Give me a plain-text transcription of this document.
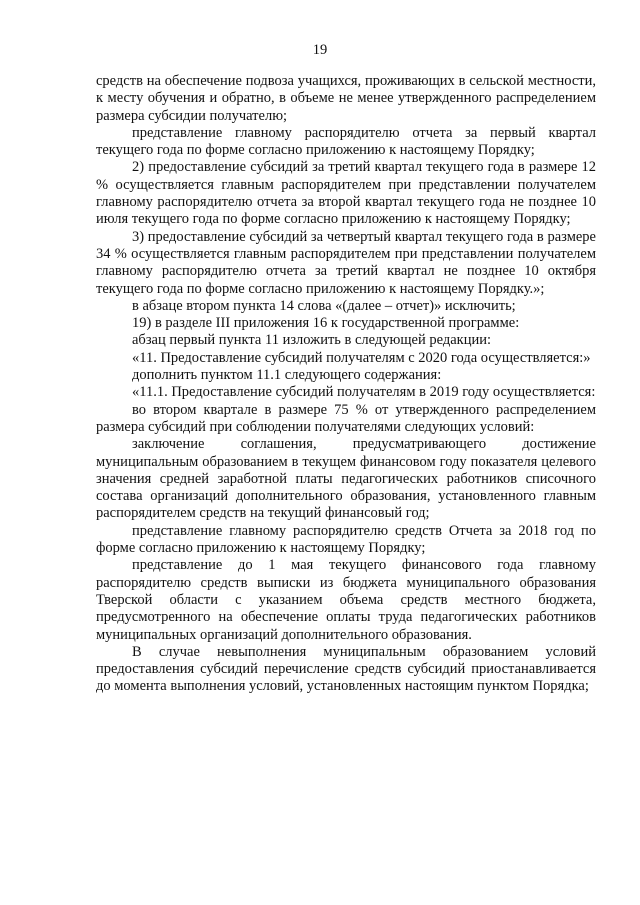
19

средств на обеспечение подвоза учащихся, проживающих в сельской местности, к месту обучения и обратно, в объеме не менее утвержденного распределением размера субсидии получателю;

представление главному распорядителю отчета за первый квартал текущего года по форме согласно приложению к настоящему Порядку;

2) предоставление субсидий за третий квартал текущего года в размере 12 % осуществляется главным распорядителем при представлении получателем главному распорядителю отчета за второй квартал текущего года не позднее 10 июля текущего года по форме согласно приложению к настоящему Порядку;

3) предоставление субсидий за четвертый квартал текущего года в размере 34 % осуществляется главным распорядителем при представлении получателем главному распорядителю отчета за третий квартал не позднее 10 октября текущего года по форме согласно приложению к настоящему Порядку.»;

в абзаце втором пункта 14 слова «(далее – отчет)» исключить;

19) в разделе III приложения 16 к государственной программе:

абзац первый пункта 11 изложить в следующей редакции:

«11. Предоставление субсидий получателям с 2020 года осуществляется:»

дополнить пунктом 11.1 следующего содержания:

«11.1. Предоставление субсидий получателям в 2019 году осуществляется:

во втором квартале в размере 75 % от утвержденного распределением размера субсидий при соблюдении получателями следующих условий:

заключение соглашения, предусматривающего достижение муниципальным образованием в текущем финансовом году показателя целевого значения средней заработной платы педагогических работников списочного состава организаций дополнительного образования, установленного главным распорядителем средств на текущий финансовый год;

представление главному распорядителю средств Отчета за 2018 год по форме согласно приложению к настоящему Порядку;

представление до 1 мая текущего финансового года главному распорядителю средств выписки из бюджета муниципального образования Тверской области с указанием объема средств местного бюджета, предусмотренного на обеспечение оплаты труда педагогических работников муниципальных организаций дополнительного образования.

В случае невыполнения муниципальным образованием условий предоставления субсидий перечисление средств субсидий приостанавливается до момента выполнения условий, установленных настоящим пунктом Порядка;
